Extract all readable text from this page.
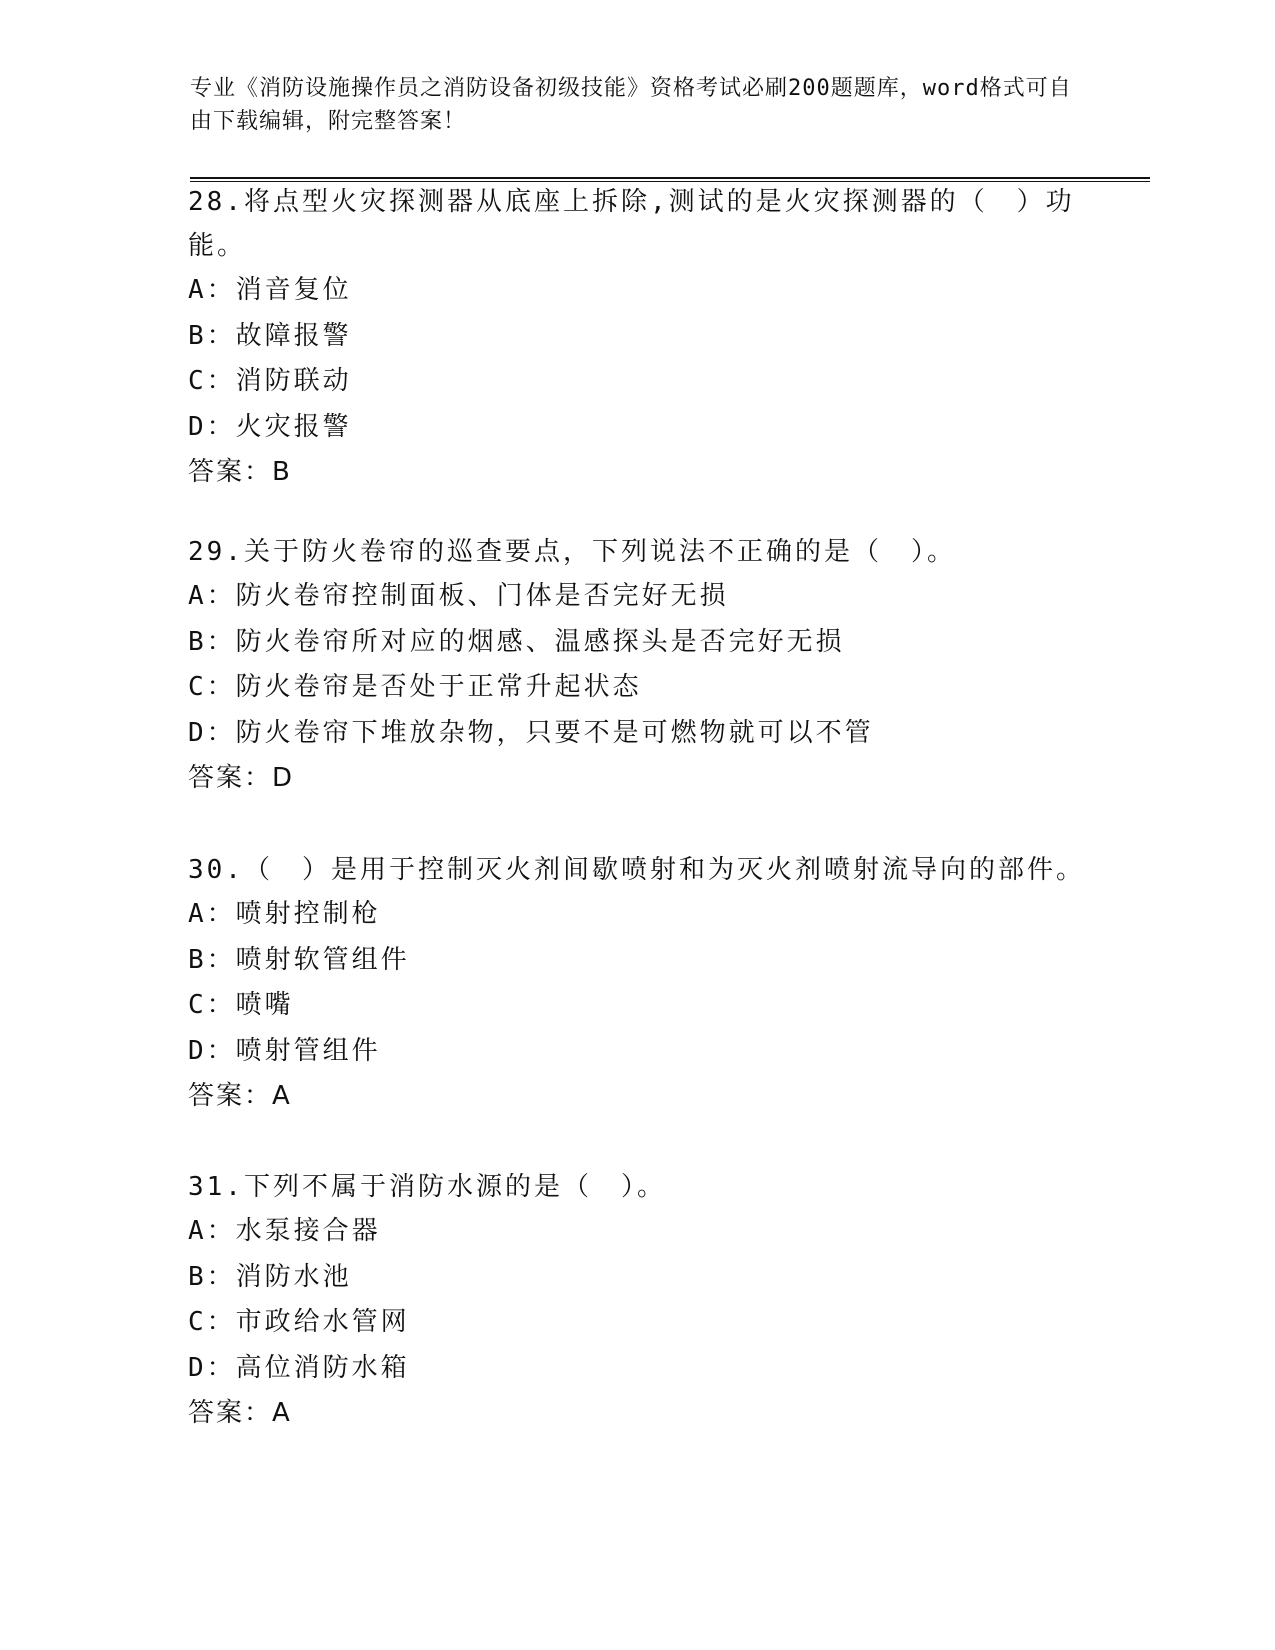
专业《消防设施操作员之消防设备初级技能》资格考试必刷200题题库，word格式可自由下载编辑，附完整答案！
28.将点型火灾探测器从底座上拆除,测试的是火灾探测器的（　）功能。
A：消音复位
B：故障报警
C：消防联动
D：火灾报警
答案：B
29.关于防火卷帘的巡查要点，下列说法不正确的是（　）。
A：防火卷帘控制面板、门体是否完好无损
B：防火卷帘所对应的烟感、温感探头是否完好无损
C：防火卷帘是否处于正常升起状态
D：防火卷帘下堆放杂物，只要不是可燃物就可以不管
答案：D
30.（　）是用于控制灭火剂间歇喷射和为灭火剂喷射流导向的部件。
A：喷射控制枪
B：喷射软管组件
C：喷嘴
D：喷射管组件
答案：A
31.下列不属于消防水源的是（　）。
A：水泵接合器
B：消防水池
C：市政给水管网
D：高位消防水箱
答案：A
